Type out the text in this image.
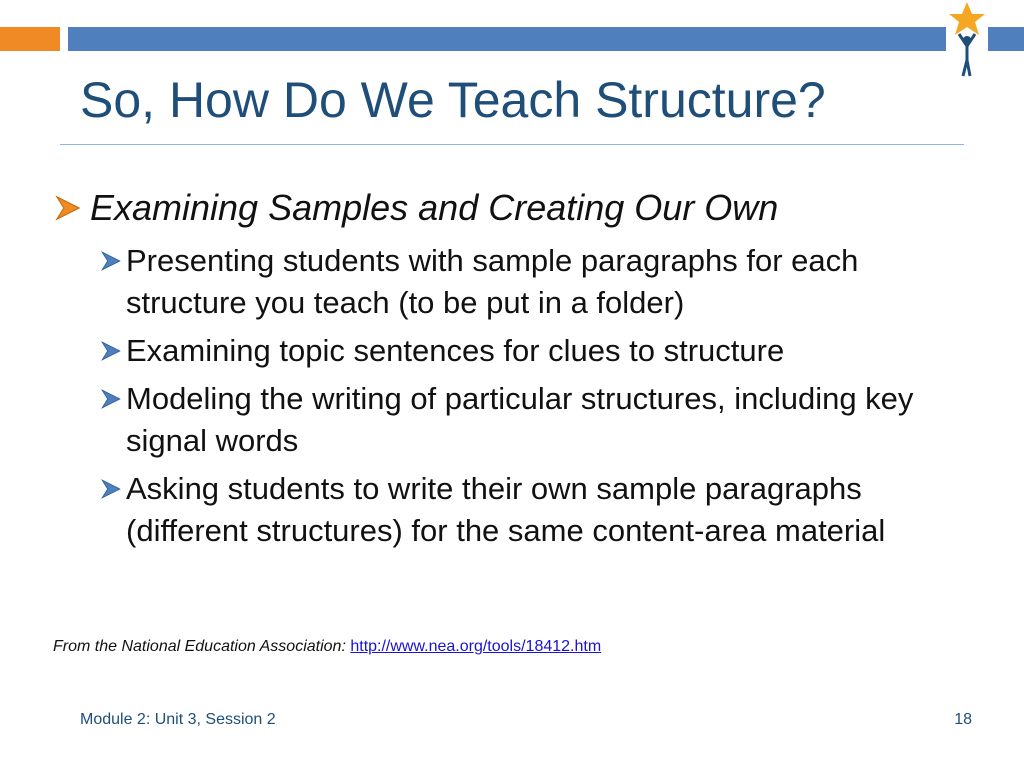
So, How Do We Teach Structure?
Examining Samples and Creating Our Own
Presenting students with sample paragraphs for each structure you teach (to be put in a folder)
Examining topic sentences for clues to structure
Modeling the writing of particular structures, including key signal words
Asking students to write their own sample paragraphs (different structures) for the same content-area material
From the National Education Association: http://www.nea.org/tools/18412.htm
Module 2: Unit 3, Session 2	18
